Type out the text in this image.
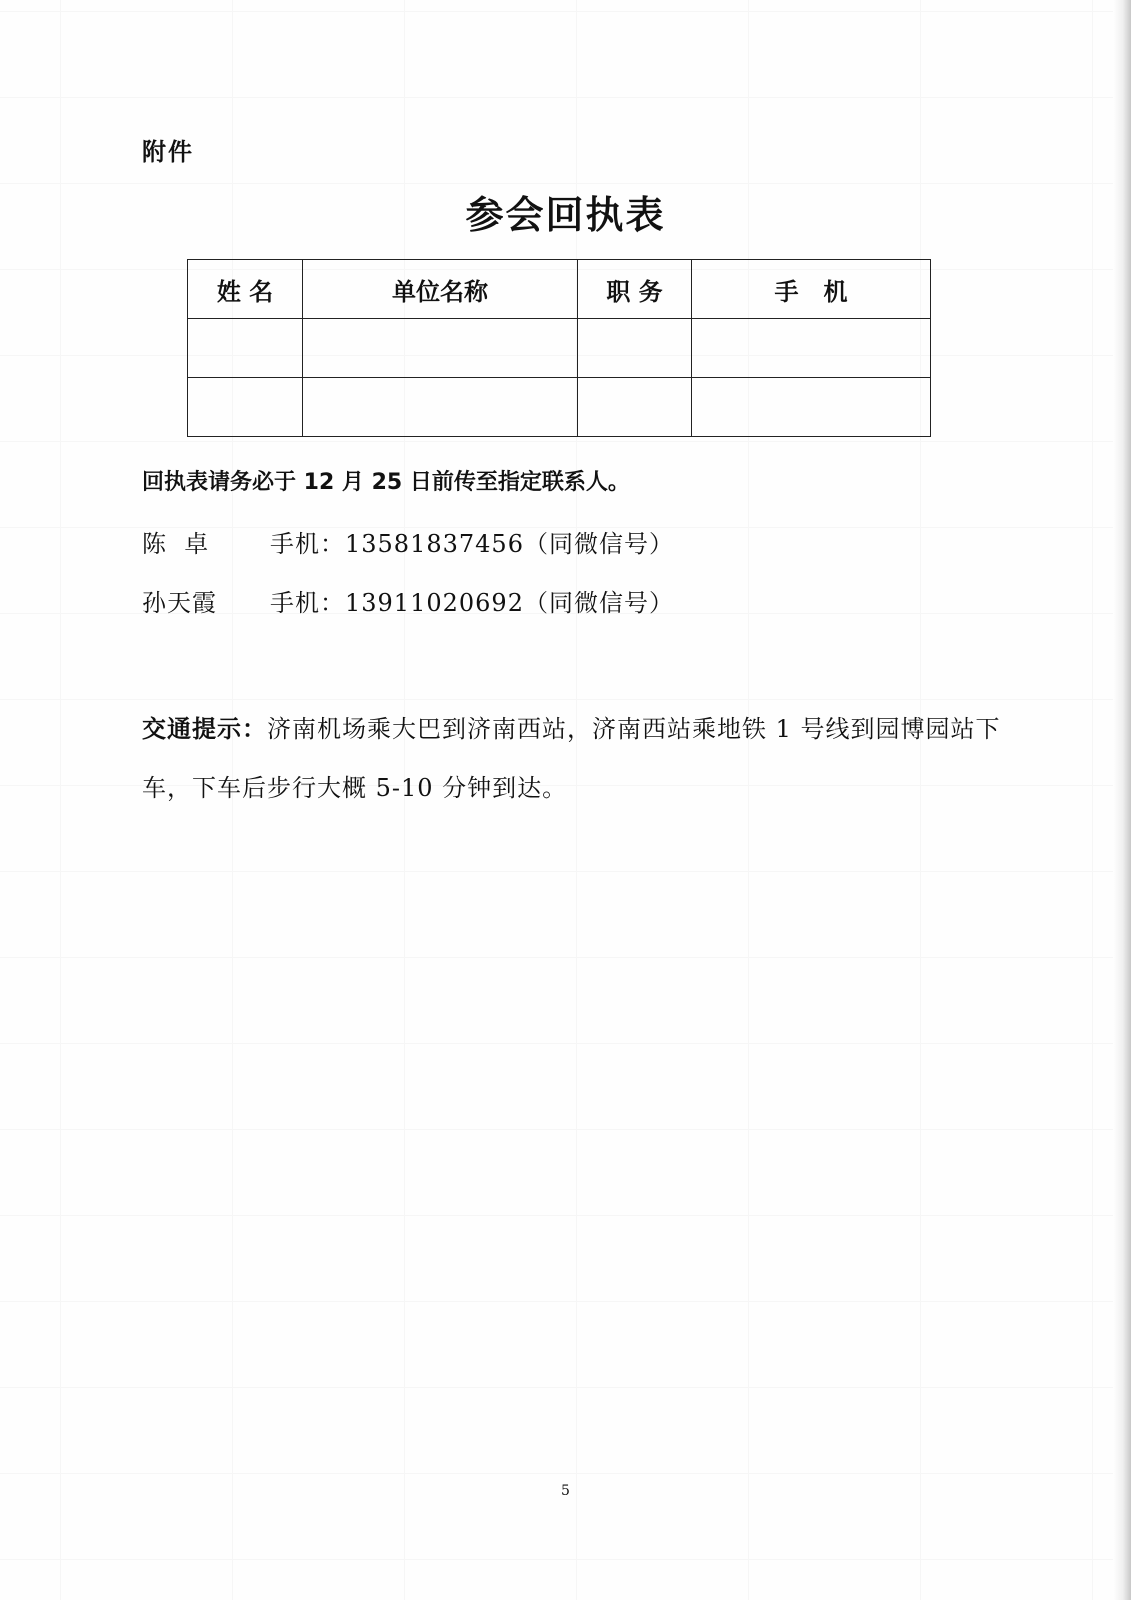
附件
参会回执表
姓 名	单位名称	职 务	手   机

回执表请务必于 12 月 25 日前传至指定联系人。
陈  卓	手机：13581837456（同微信号）
孙天霞 手机：13911020692（同微信号）
交通提示：济南机场乘大巴到济南西站，济南西站乘地铁 1 号线到园博园站下车，下车后步行大概 5-10 分钟到达。
5
